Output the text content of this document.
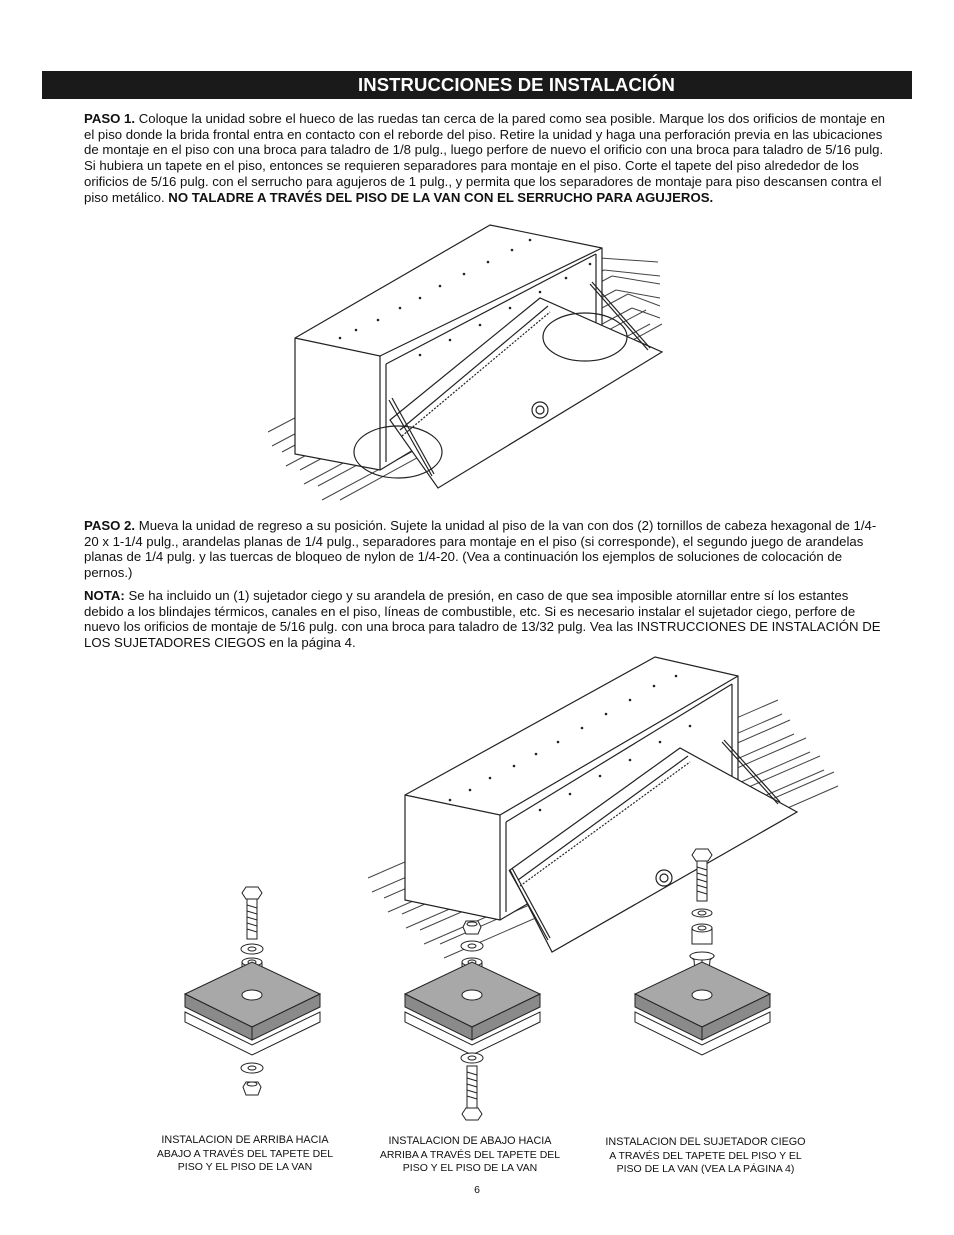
INSTRUCCIONES DE INSTALACIÓN
PASO 1. Coloque la unidad sobre el hueco de las ruedas tan cerca de la pared como sea posible. Marque los dos orificios de montaje en el piso donde la brida frontal entra en contacto con el reborde del piso. Retire la unidad y haga una perforación previa en las ubicaciones de montaje en el piso con una broca para taladro de 1/8 pulg., luego perfore de nuevo el orificio con una broca para taladro de 5/16 pulg. Si hubiera un tapete en el piso, entonces se requieren separadores para montaje en el piso. Corte el tapete del piso alrededor de los orificios de 5/16 pulg. con el serrucho para agujeros de 1 pulg., y permita que los separadores de montaje para piso descansen contra el piso metálico. NO TALADRE A TRAVÉS DEL PISO DE LA VAN CON EL SERRUCHO PARA AGUJEROS.
PASO 2. Mueva la unidad de regreso a su posición. Sujete la unidad al piso de la van con dos (2) tornillos de cabeza hexagonal de 1/4-20 x 1-1/4 pulg., arandelas planas de 1/4 pulg., separadores para montaje en el piso (si corresponde), el segundo juego de arandelas planas de 1/4 pulg. y las tuercas de bloqueo de nylon de 1/4-20. (Vea a continuación los ejemplos de soluciones de colocación de pernos.)
NOTA: Se ha incluido un (1) sujetador ciego y su arandela de presión, en caso de que sea imposible atornillar entre sí los estantes debido a los blindajes térmicos, canales en el piso, líneas de combustible, etc. Si es necesario instalar el sujetador ciego, perfore de nuevo los orificios de montaje de 5/16 pulg. con una broca para taladro de 13/32 pulg. Vea las INSTRUCCIONES DE INSTALACIÓN DE LOS SUJETADORES CIEGOS en la página 4.
INSTALACION DE ARRIBA HACIA
ABAJO A TRAVÉS DEL TAPETE DEL
PISO Y EL PISO DE LA VAN
INSTALACION DE ABAJO HACIA
ARRIBA A TRAVÉS DEL TAPETE DEL
PISO Y EL PISO DE LA VAN
INSTALACION DEL SUJETADOR CIEGO
A TRAVÉS DEL TAPETE DEL PISO Y EL
PISO DE LA VAN (VEA LA PÁGINA 4)
6
